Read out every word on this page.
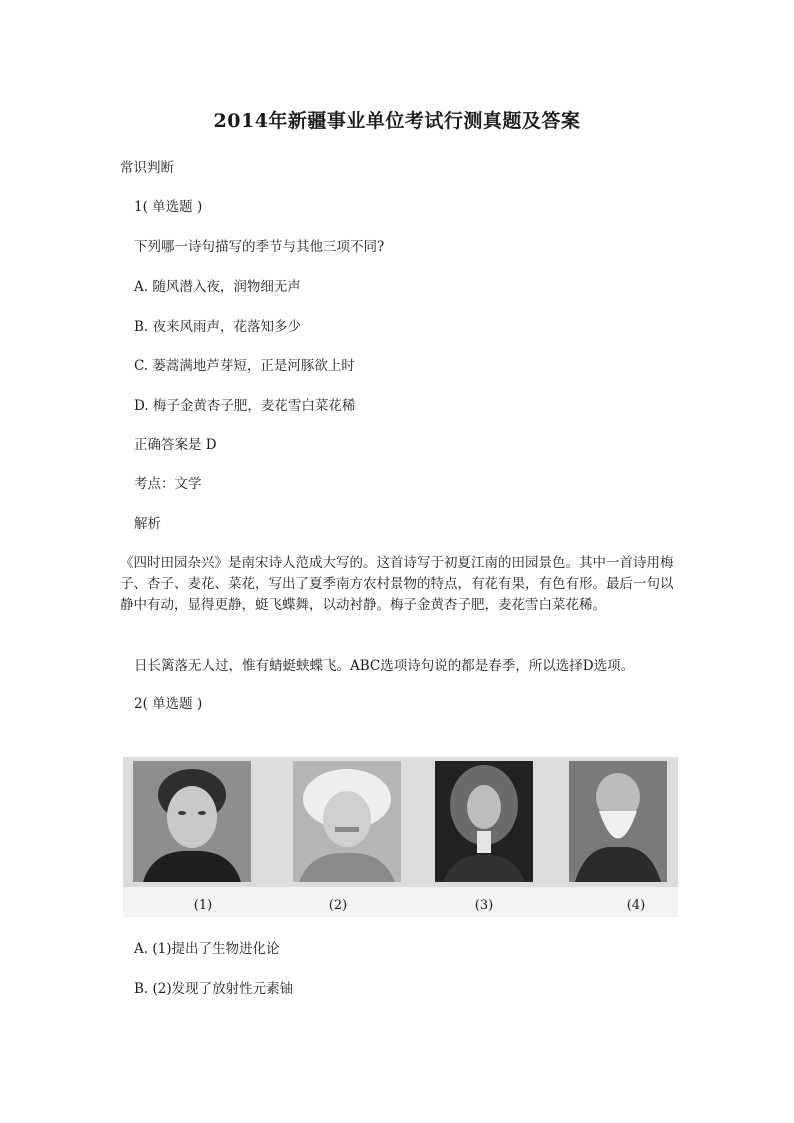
2014年新疆事业单位考试行测真题及答案
常识判断
1( 单选题 )
下列哪一诗句描写的季节与其他三项不同?
A. 随风潜入夜，润物细无声
B. 夜来风雨声，花落知多少
C. 蒌蒿满地芦芽短，正是河豚欲上时
D. 梅子金黄杏子肥，麦花雪白菜花稀
正确答案是 D
考点：文学
解析
《四时田园杂兴》是南宋诗人范成大写的。这首诗写于初夏江南的田园景色。其中一首诗用梅子、杏子、麦花、菜花，写出了夏季南方农村景物的特点，有花有果，有色有形。最后一句以静中有动，显得更静，蜓飞蝶舞，以动衬静。梅子金黄杏子肥，麦花雪白菜花稀。
日长篱落无人过，惟有蜻蜓蛱蝶飞。ABC选项诗句说的都是春季，所以选择D选项。
2( 单选题 )
(1)	(2)	(3)	(4)
A. (1)提出了生物进化论
B. (2)发现了放射性元素铀
